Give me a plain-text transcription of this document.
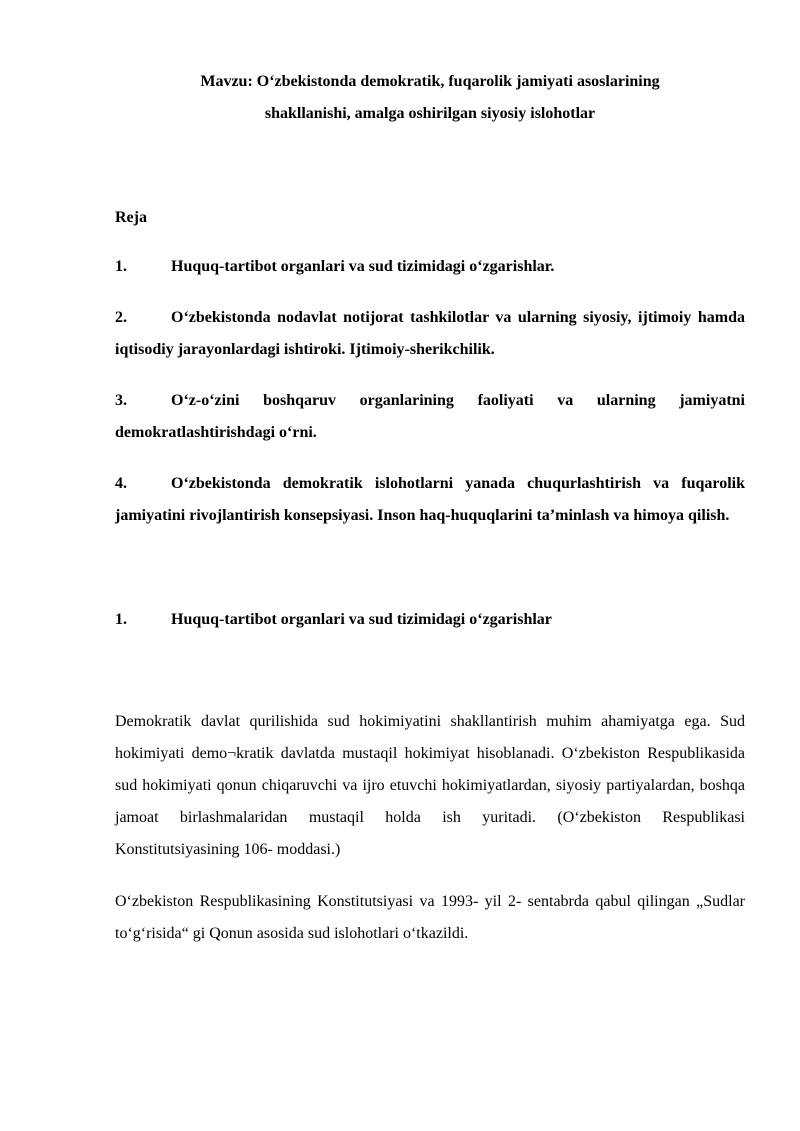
Mavzu: O‘zbekistonda demokratik, fuqarolik jamiyati asoslarining
shakllanishi, amalga oshirilgan siyosiy islohotlar
Reja

1.	Huquq-tartibot organlari va sud tizimidagi o‘zgarishlar.

2.	O‘zbekistonda nodavlat notijorat tashkilotlar va ularning siyosiy, ijtimoiy hamda iqtisodiy jarayonlardagi ishtiroki. Ijtimoiy-sherikchilik.

3.	O‘z-o‘zini boshqaruv organlarining faoliyati va ularning jamiyatni demokratlashtirishdagi o‘rni.

4.	O‘zbekistonda demokratik islohotlarni yanada chuqurlashtirish va fuqarolik jamiyatini rivojlantirish konsepsiyasi. Inson haq-huquqlarini ta’minlash va himoya qilish.

1.	Huquq-tartibot organlari va sud tizimidagi o‘zgarishlar

Demokratik davlat qurilishida sud hokimiyatini shakllantirish muhim ahamiyatga ega. Sud hokimiyati demo¬kratik davlatda mustaqil hokimiyat hisoblanadi. O‘zbekiston Respublikasida sud hokimiyati qonun chiqaruvchi va ijro etuvchi hokimiyatlardan, siyosiy partiyalardan, boshqa jamoat birlashmalaridan mustaqil holda ish yuritadi. (O‘zbekiston Respublikasi Konstitutsiyasining 106- moddasi.)

O‘zbekiston Respublikasining Konstitutsiyasi va 1993- yil 2- sentabrda qabul qilingan „Sudlar to‘g‘risida“ gi Qonun asosida sud islohotlari o‘tkazildi.
